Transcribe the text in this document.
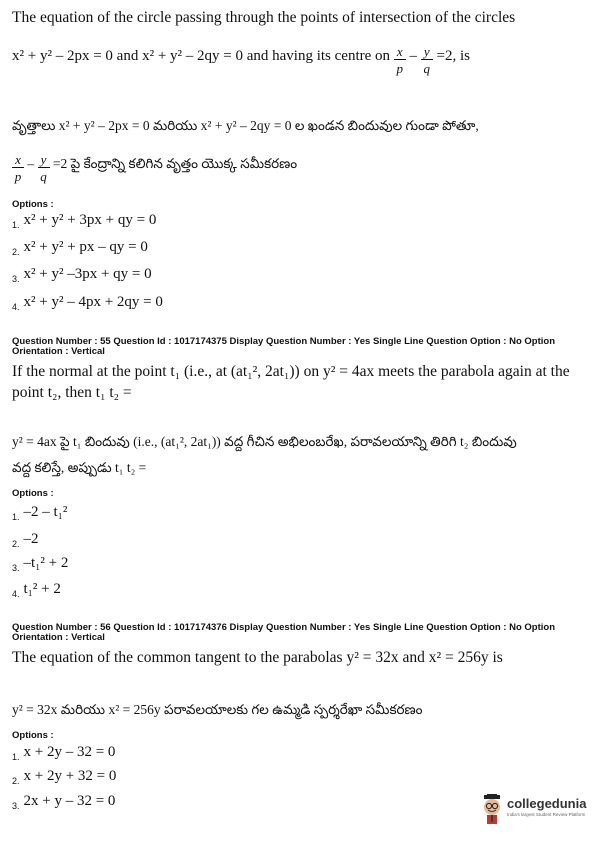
The equation of the circle passing through the points of intersection of the circles
x² + y² – 2px = 0 and x² + y² – 2qy = 0 and having its centre on $\frac{x}{p} - \frac{y}{q} =2$, is
వృత్తాలు x² + y² – 2px = 0 మరియు x² + y² – 2qy = 0 ల ఖండన బిందువుల గుండా పోతూ,
$\frac{x}{p} - \frac{y}{q} =2$ పై కేంద్రాన్ని కలిగిన వృత్తం యొక్క సమీకరణం
Options :
$_{1.}$ x² + y² + 3px + qy = 0
$_{2.}$ x² + y² + px – qy = 0
$_{3.}$ x² + y² –3px + qy = 0
$_{4.}$ x² + y² – 4px + 2qy = 0
Question Number : 55 Question Id : 1017174375 Display Question Number : Yes Single Line Question Option : No Option
Orientation : Vertical
If the normal at the point t₁ (i.e., at (at₁², 2at₁)) on y² = 4ax meets the parabola again at the
point t₂, then t₁ t₂ =
y² = 4ax పై t₁ బిందువు (i.e., (at₁², 2at₁)) వద్ద గీచిన అభిలంబరేఖ, పరావలయాన్ని తిరిగి t₂ బిందువు
వద్ద కలిస్తే, అప్పుడు t₁ t₂ =
Options :
$_{1.}$ –2 – t₁²
$_{2.}$ –2
$_{3.}$ –t₁² + 2
$_{4.}$ t₁² + 2
Question Number : 56 Question Id : 1017174376 Display Question Number : Yes Single Line Question Option : No Option
Orientation : Vertical
The equation of the common tangent to the parabolas y² = 32x and x² = 256y is
y² = 32x మరియు x² = 256y పరావలయాలకు గల ఉమ్మడి స్పర్శరేఖా సమీకరణం
Options :
$_{1.}$ x + 2y – 32 = 0
$_{2.}$ x + 2y + 32 = 0
$_{3.}$ 2x + y – 32 = 0	collegedunia
India's largest Student Review Platform
